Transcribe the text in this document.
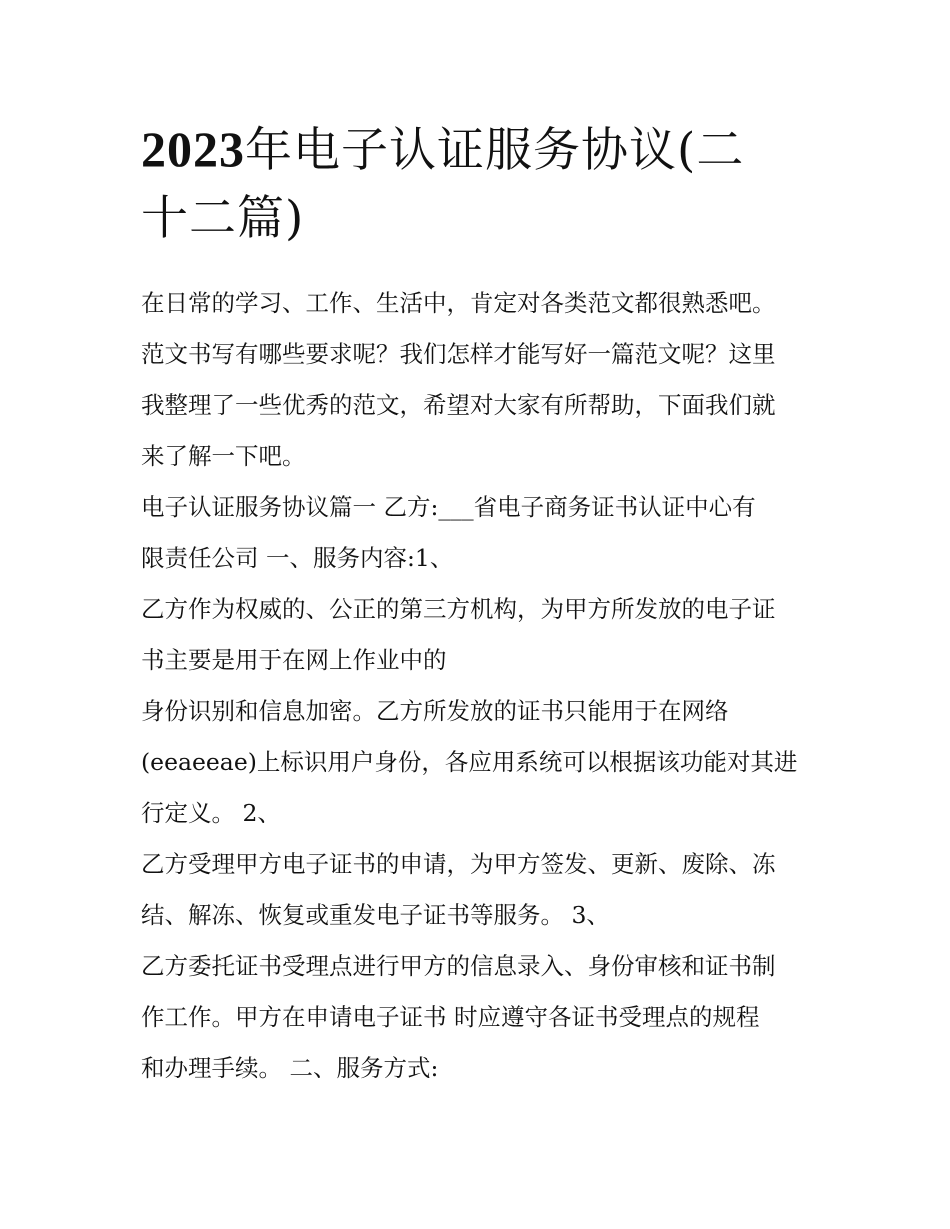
2023年电子认证服务协议(二
十二篇)

在日常的学习、工作、生活中，肯定对各类范文都很熟悉吧。

范文书写有哪些要求呢？我们怎样才能写好一篇范文呢？这里

我整理了一些优秀的范文，希望对大家有所帮助，下面我们就

来了解一下吧。

电子认证服务协议篇一 乙方:___省电子商务证书认证中心有

限责任公司 一、服务内容:1、

乙方作为权威的、公正的第三方机构，为甲方所发放的电子证

书主要是用于在网上作业中的

身份识别和信息加密。乙方所发放的证书只能用于在网络

(eeaeeae)上标识用户身份，各应用系统可以根据该功能对其进

行定义。 2、

乙方受理甲方电子证书的申请，为甲方签发、更新、废除、冻

结、解冻、恢复或重发电子证书等服务。 3、

乙方委托证书受理点进行甲方的信息录入、身份审核和证书制

作工作。甲方在申请电子证书 时应遵守各证书受理点的规程

和办理手续。 二、服务方式:
